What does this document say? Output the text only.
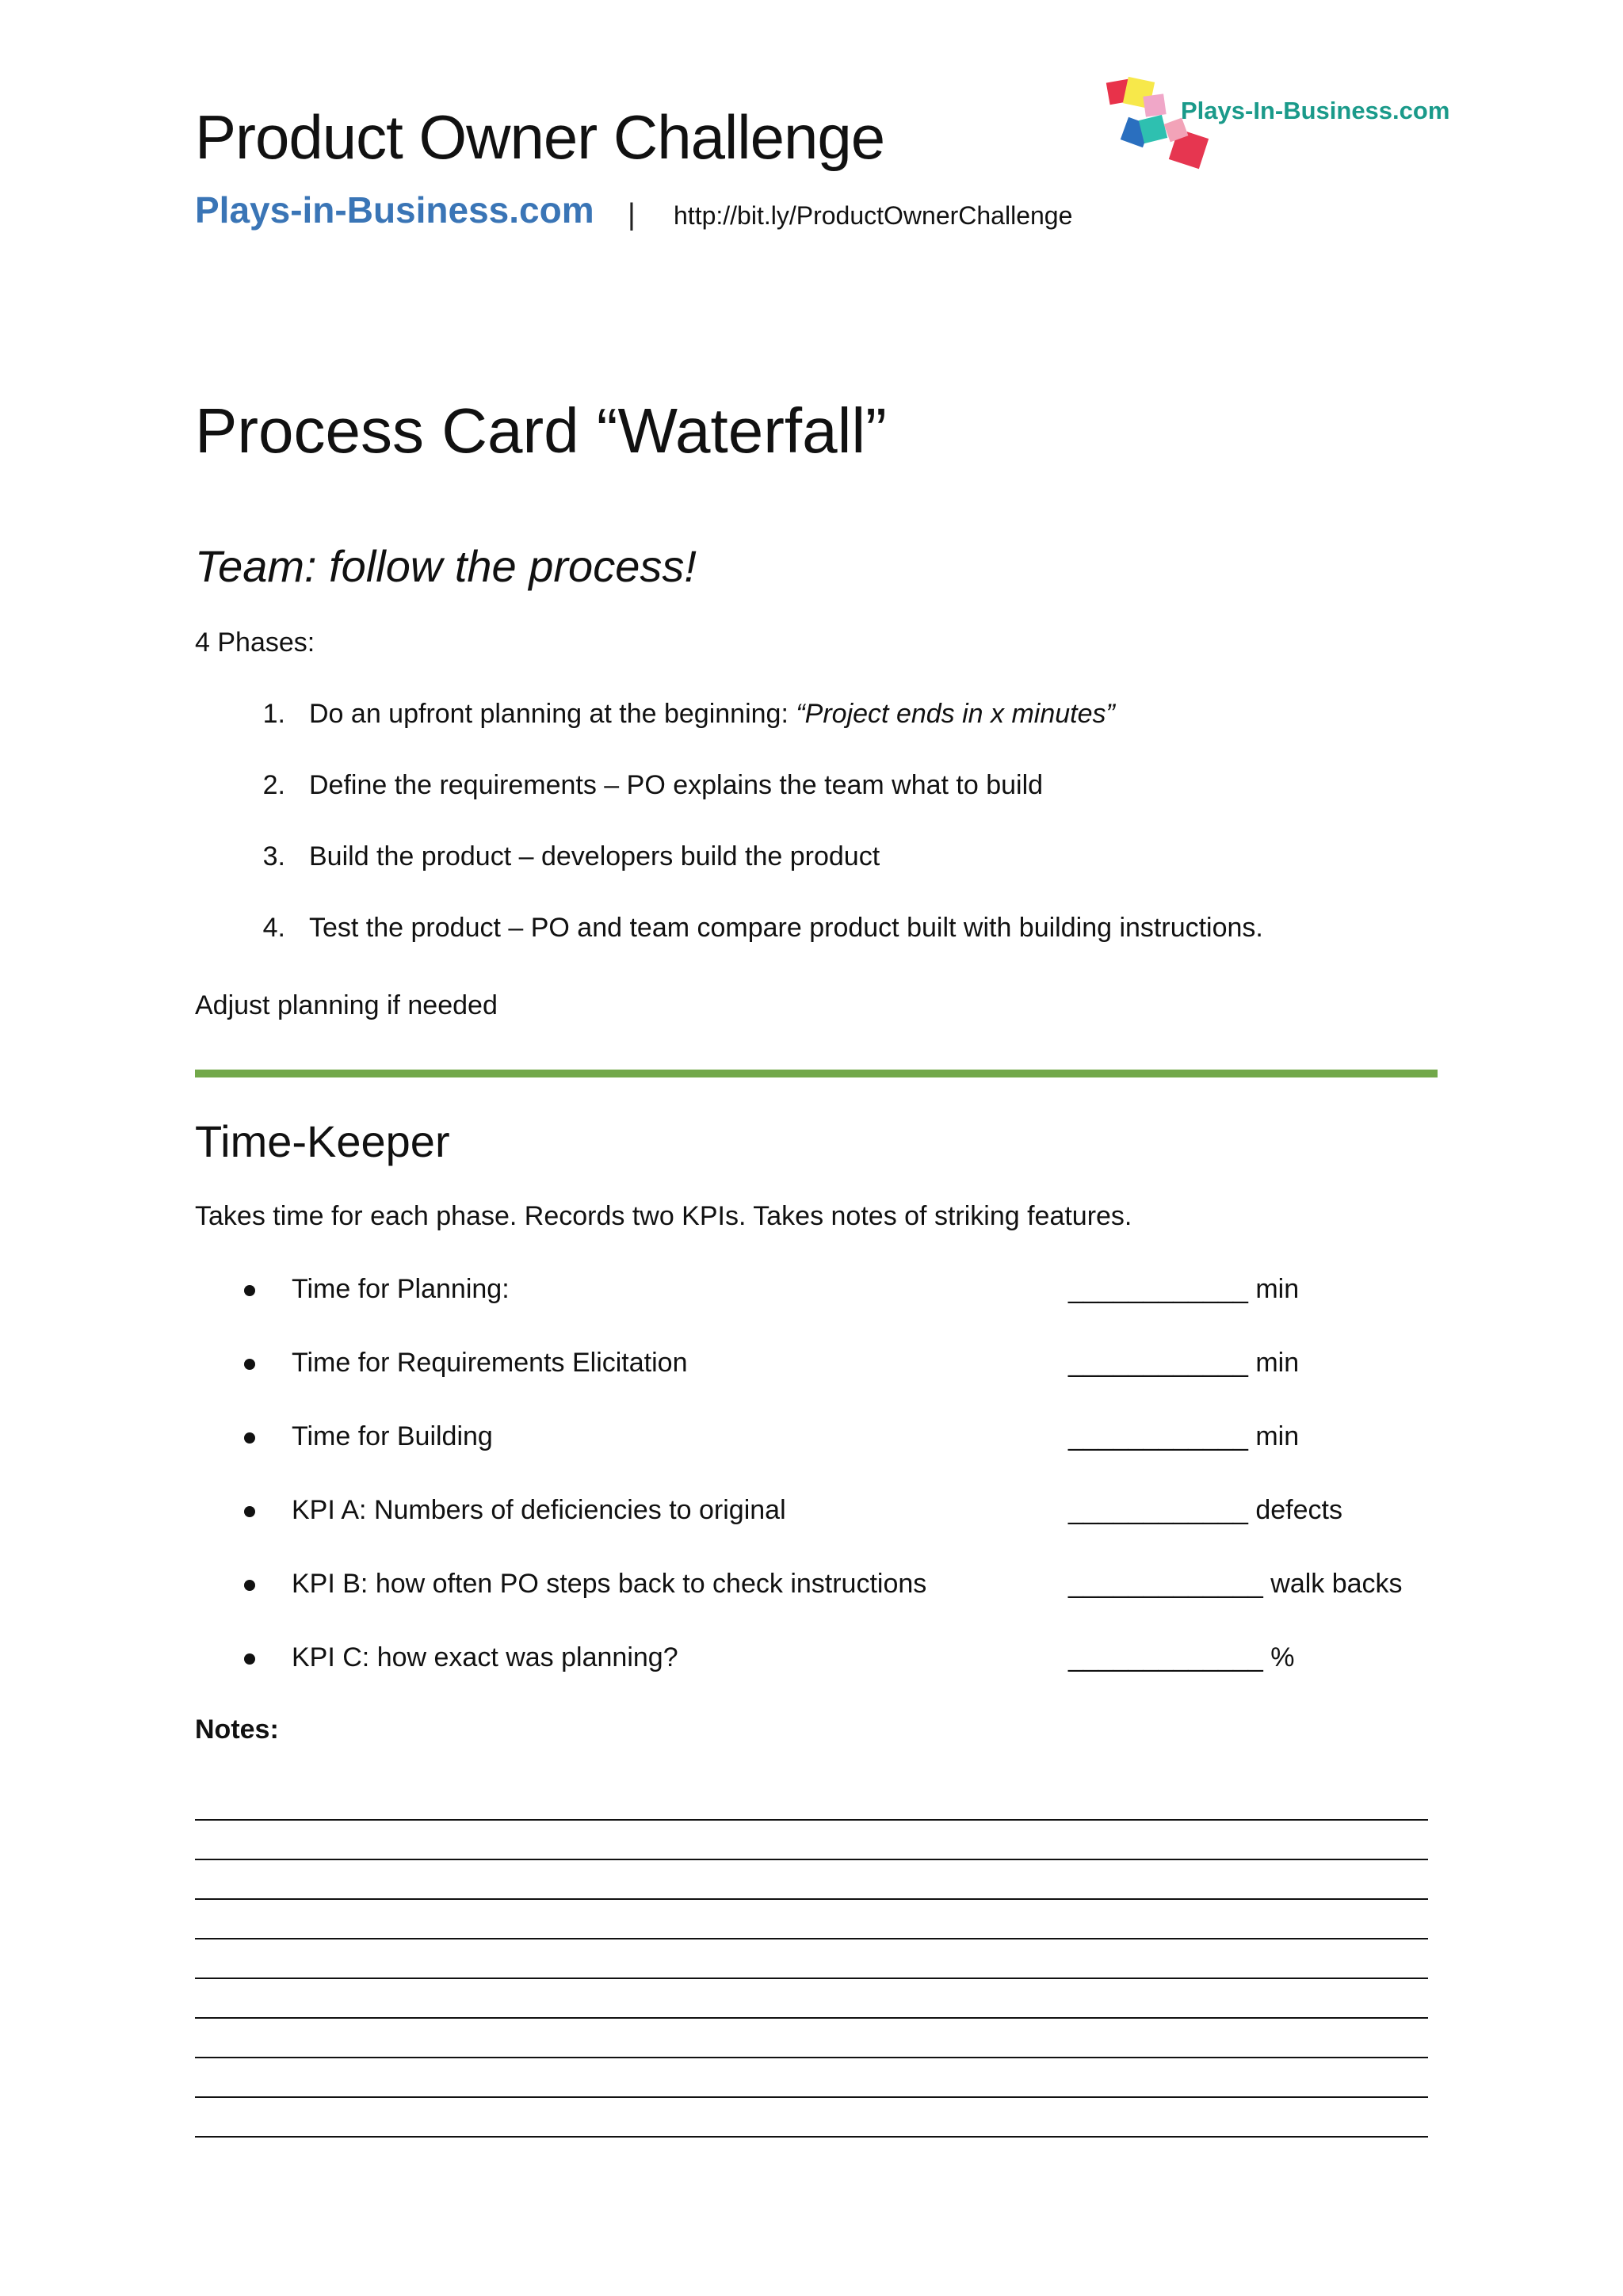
Product Owner Challenge
Plays-in-Business.com | http://bit.ly/ProductOwnerChallenge
Plays-In-Business.com
Process Card “Waterfall”
Team: follow the process!
4 Phases:
1. Do an upfront planning at the beginning: “Project ends in x minutes”
2. Define the requirements – PO explains the team what to build
3. Build the product – developers build the product
4. Test the product – PO and team compare product built with building instructions.
Adjust planning if needed
Time-Keeper
Takes time for each phase. Records two KPIs. Takes notes of striking features.
Time for Planning:	____________ min
Time for Requirements Elicitation	____________ min
Time for Building	____________ min
KPI A: Numbers of deficiencies to original	____________ defects
KPI B: how often PO steps back to check instructions	_____________ walk backs
KPI C: how exact was planning?	_____________ %
Notes:
